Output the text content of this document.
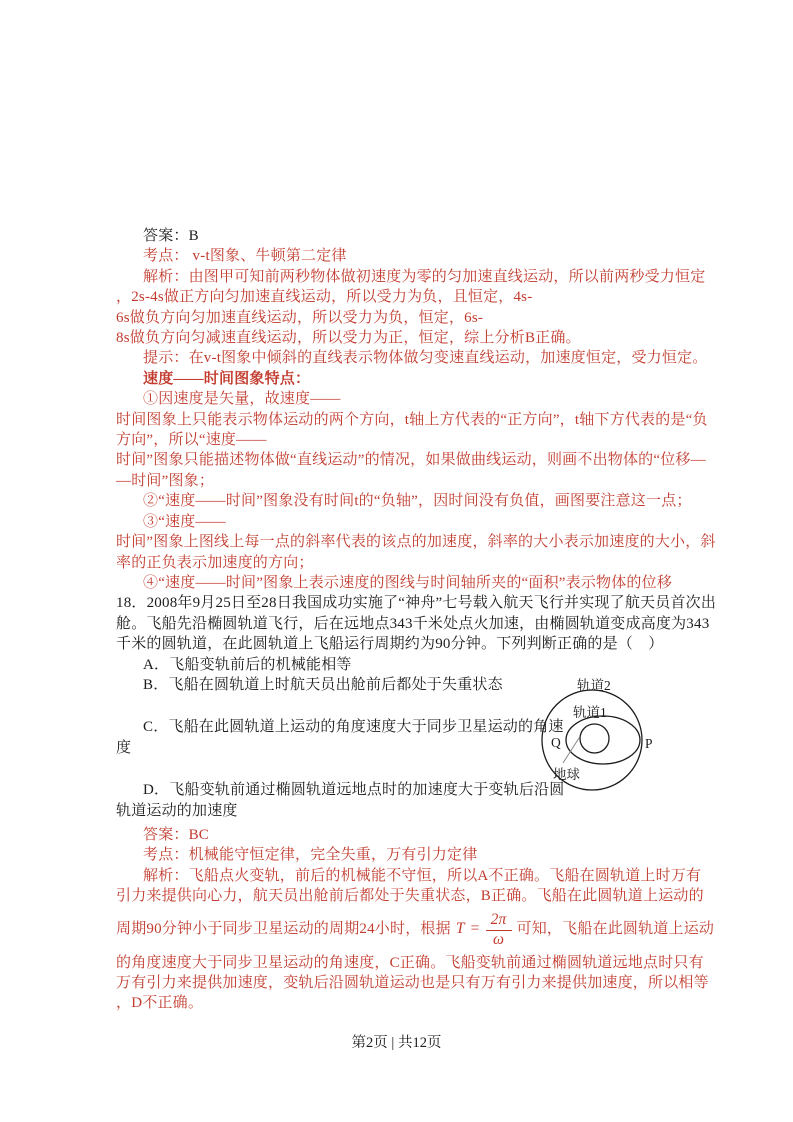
答案：B
考点： v-t图象、牛顿第二定律
解析：由图甲可知前两秒物体做初速度为零的匀加速直线运动，所以前两秒受力恒定
，2s-4s做正方向匀加速直线运动，所以受力为负，且恒定，4s-
6s做负方向匀加速直线运动，所以受力为负，恒定，6s-
8s做负方向匀减速直线运动，所以受力为正，恒定，综上分析B正确。
提示：在v-t图象中倾斜的直线表示物体做匀变速直线运动，加速度恒定，受力恒定。
速度——时间图象特点：
①因速度是矢量，故速度——
时间图象上只能表示物体运动的两个方向，t轴上方代表的“正方向”，t轴下方代表的是“负
方向”，所以“速度——
时间”图象只能描述物体做“直线运动”的情况，如果做曲线运动，则画不出物体的“位移—
—时间”图象；
②“速度——时间”图象没有时间t的“负轴”，因时间没有负值，画图要注意这一点；
③“速度——
时间”图象上图线上每一点的斜率代表的该点的加速度，斜率的大小表示加速度的大小，斜
率的正负表示加速度的方向；
④“速度——时间”图象上表示速度的图线与时间轴所夹的“面积”表示物体的位移
18．2008年9月25日至28日我国成功实施了“神舟”七号载入航天飞行并实现了航天员首次出
舱。飞船先沿椭圆轨道飞行，后在远地点343千米处点火加速，由椭圆轨道变成高度为343
千米的圆轨道，在此圆轨道上飞船运行周期约为90分钟。下列判断正确的是（　）
A．飞船变轨前后的机械能相等
B．飞船在圆轨道上时航天员出舱前后都处于失重状态
C．飞船在此圆轨道上运动的角度速度大于同步卫星运动的角速
度
D．飞船变轨前通过椭圆轨道远地点时的加速度大于变轨后沿圆
轨道运动的加速度
答案：BC
考点：机械能守恒定律，完全失重，万有引力定律
解析：飞船点火变轨，前后的机械能不守恒，所以A不正确。飞船在圆轨道上时万有
引力来提供向心力，航天员出舱前后都处于失重状态，B正确。飞船在此圆轨道上运动的
周期90分钟小于同步卫星运动的周期24小时，根据 $T = \frac{2\pi}{\omega}$ 可知，飞船在此圆轨道上运动
的角度速度大于同步卫星运动的角速度，C正确。飞船变轨前通过椭圆轨道远地点时只有
万有引力来提供加速度，变轨后沿圆轨道运动也是只有万有引力来提供加速度，所以相等
，D不正确。
轨道2
轨道1
Q	P
地球
第2页 | 共12页
